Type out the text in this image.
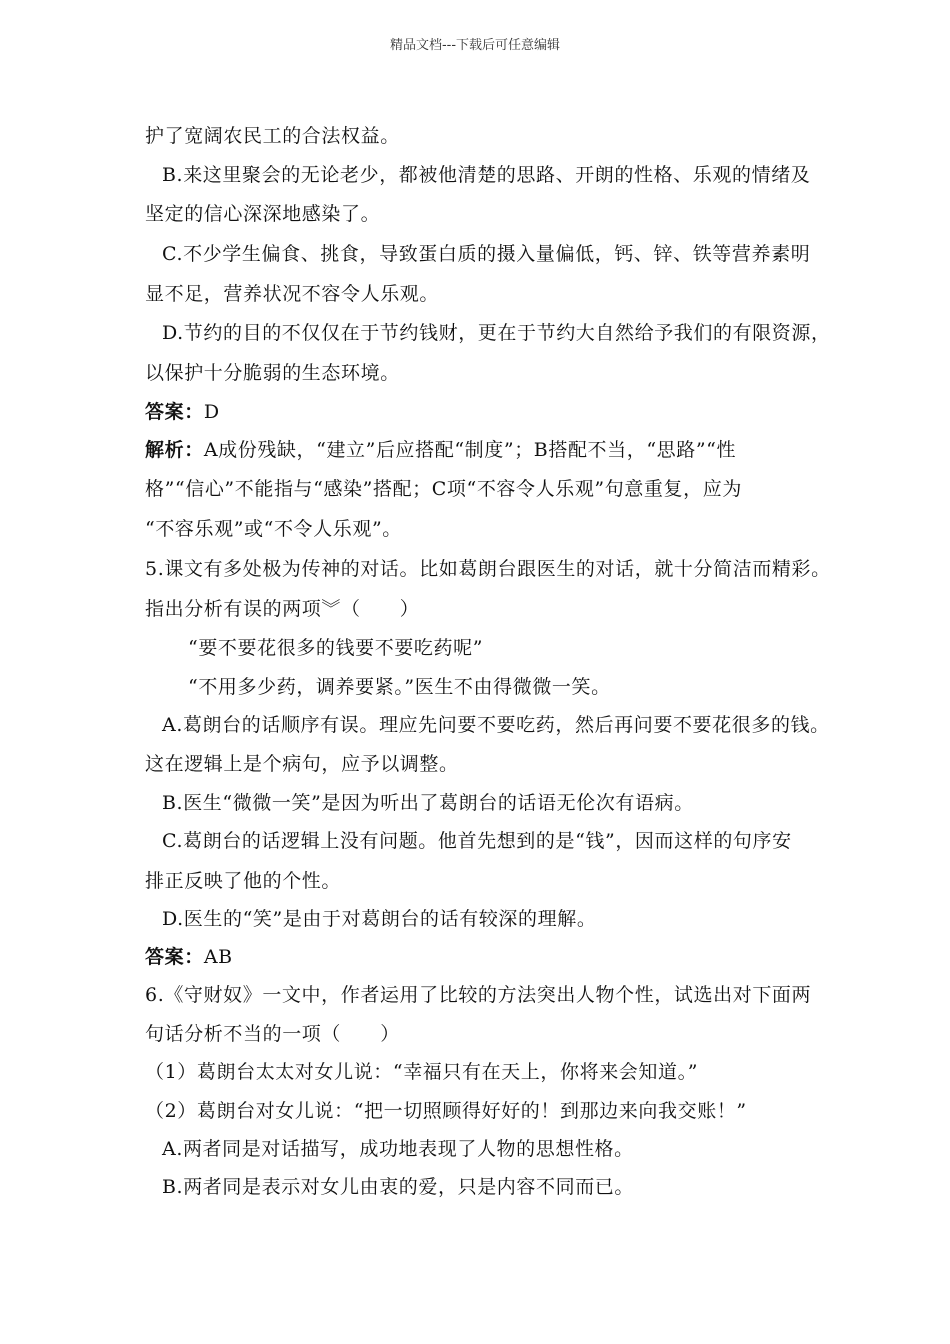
精品文档---下载后可任意编辑
护了宽阔农民工的合法权益。
B.来这里聚会的无论老少，都被他清楚的思路、开朗的性格、乐观的情绪及
坚定的信心深深地感染了。
C.不少学生偏食、挑食，导致蛋白质的摄入量偏低，钙、锌、铁等营养素明
显不足，营养状况不容令人乐观。
D.节约的目的不仅仅在于节约钱财，更在于节约大自然给予我们的有限资源，
以保护十分脆弱的生态环境。
答案：D
解析：A成份残缺，“建立”后应搭配“制度”；B搭配不当，“思路”“性
格”“信心”不能指与“感染”搭配；C项“不容令人乐观”句意重复，应为
“不容乐观”或“不令人乐观”。
5.课文有多处极为传神的对话。比如葛朗台跟医生的对话，就十分简洁而精彩。
指出分析有误的两项︾（　　）
“要不要花很多的钱要不要吃药呢”
“不用多少药，调养要紧。”医生不由得微微一笑。
A.葛朗台的话顺序有误。理应先问要不要吃药，然后再问要不要花很多的钱。
这在逻辑上是个病句，应予以调整。
B.医生“微微一笑”是因为听出了葛朗台的话语无伦次有语病。
C.葛朗台的话逻辑上没有问题。他首先想到的是“钱”，因而这样的句序安
排正反映了他的个性。
D.医生的“笑”是由于对葛朗台的话有较深的理解。
答案：AB
6.《守财奴》一文中，作者运用了比较的方法突出人物个性，试选出对下面两
句话分析不当的一项（　　）
（1）葛朗台太太对女儿说：“幸福只有在天上，你将来会知道。”
（2）葛朗台对女儿说：“把一切照顾得好好的！到那边来向我交账！”
A.两者同是对话描写，成功地表现了人物的思想性格。
B.两者同是表示对女儿由衷的爱，只是内容不同而已。
